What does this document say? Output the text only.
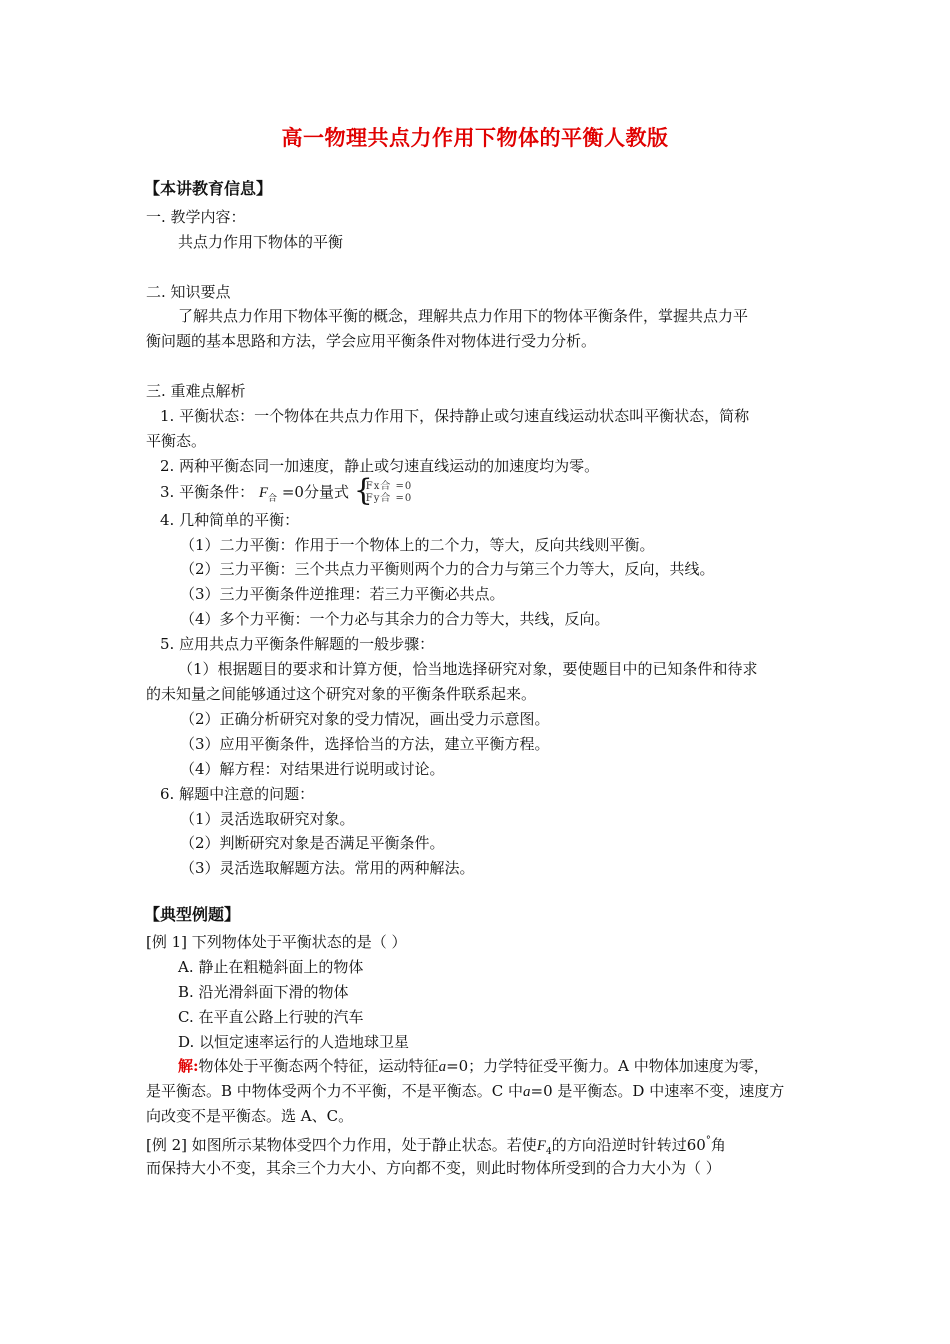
高一物理共点力作用下物体的平衡人教版
【本讲教育信息】
一. 教学内容：
共点力作用下物体的平衡
二. 知识要点
了解共点力作用下物体平衡的概念，理解共点力作用下的物体平衡条件，掌握共点力平
衡问题的基本思路和方法，学会应用平衡条件对物体进行受力分析。
三. 重难点解析
1. 平衡状态：一个物体在共点力作用下，保持静止或匀速直线运动状态叫平衡状态，简称
平衡态。
2. 两种平衡态同一加速度，静止或匀速直线运动的加速度均为零。
3. 平衡条件： $F_合 =0$分量式 {
Fx合 =0
Fy合 =0
4. 几种简单的平衡：
（1）二力平衡：作用于一个物体上的二个力，等大，反向共线则平衡。
（2）三力平衡：三个共点力平衡则两个力的合力与第三个力等大，反向，共线。
（3）三力平衡条件逆推理：若三力平衡必共点。
（4）多个力平衡：一个力必与其余力的合力等大，共线，反向。
5. 应用共点力平衡条件解题的一般步骤：
（1）根据题目的要求和计算方便，恰当地选择研究对象，要使题目中的已知条件和待求
的未知量之间能够通过这个研究对象的平衡条件联系起来。
（2）正确分析研究对象的受力情况，画出受力示意图。
（3）应用平衡条件，选择恰当的方法，建立平衡方程。
（4）解方程：对结果进行说明或讨论。
6. 解题中注意的问题：
（1）灵活选取研究对象。
（2）判断研究对象是否满足平衡条件。
（3）灵活选取解题方法。常用的两种解法。
【典型例题】
[例 1] 下列物体处于平衡状态的是（ ）
A. 静止在粗糙斜面上的物体
B. 沿光滑斜面下滑的物体
C. 在平直公路上行驶的汽车
D. 以恒定速率运行的人造地球卫星
解:物体处于平衡态两个特征，运动特征a=0；力学特征受平衡力。A 中物体加速度为零，
是平衡态。B 中物体受两个力不平衡，不是平衡态。C 中a=0 是平衡态。D 中速率不变，速度方
向改变不是平衡态。选 A、C。
[例 2] 如图所示某物体受四个力作用，处于静止状态。若使$F_4$的方向沿逆时针转过60°角
而保持大小不变，其余三个力大小、方向都不变，则此时物体所受到的合力大小为（ ）
